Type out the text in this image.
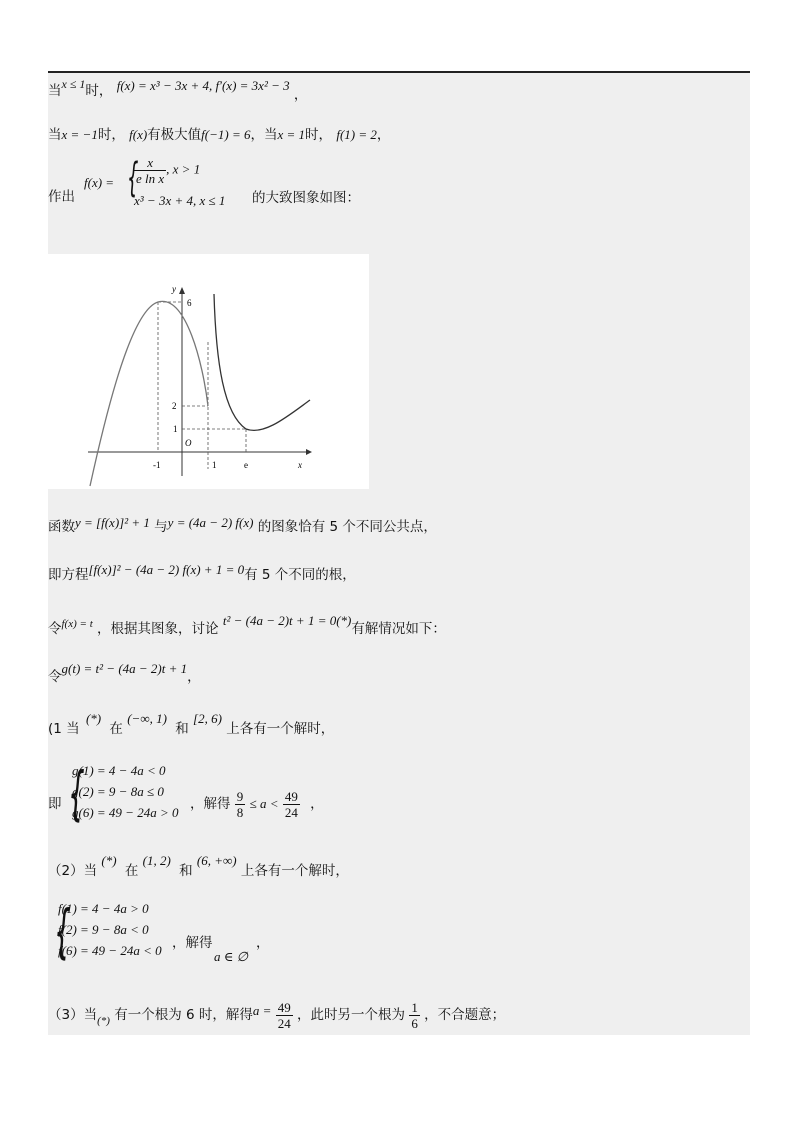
当x ≤ 1时， f(x) = x³ − 3x + 4, f′(x) = 3x² − 3 ，
当x = −1时， f(x)有极大值f(−1) = 6，当x = 1时， f(1) = 2，
作出
f(x) = {
$\frac{x}{\text{e ln x}}$ , x > 1
x³ − 3x + 4, x ≤ 1 的大致图象如图：
y
x
O
6
2
1
-1	1	e
函数y = [f(x)]² + 1 与y = (4a − 2) f(x) 的图象恰有 5 个不同公共点，
即方程[f(x)]² − (4a − 2) f(x) + 1 = 0有 5 个不同的根，
令$^{f(x) = t}$ ，根据其图象，讨论 t² − (4a − 2)t + 1 = 0(*)有解情况如下：
令g(t) = t² − (4a − 2)t + 1，
(1 当 (*) 在 (−∞, 1) 和 [2, 6) 上各有一个解时，
即 {
g(1) = 4 − 4a < 0
g(2) = 9 − 8a ≤ 0
g(6) = 49 − 24a > 0
，解得 $\frac{9}{8} \le a < \frac{49}{24}$ ，
（2）当 (*) 在 (1, 2) 和 (6, +∞) 上各有一个解时，
{
f(1) = 4 − 4a > 0
f(2) = 9 − 8a < 0
f(6) = 49 − 24a < 0 ，解得
a ∈ ∅
，
（3）当$_{(*)}$ 有一个根为 6 时，解得$a = \frac{49}{24}$ ，此时另一个根为 $\frac{1}{6}$ ，不合题意；
